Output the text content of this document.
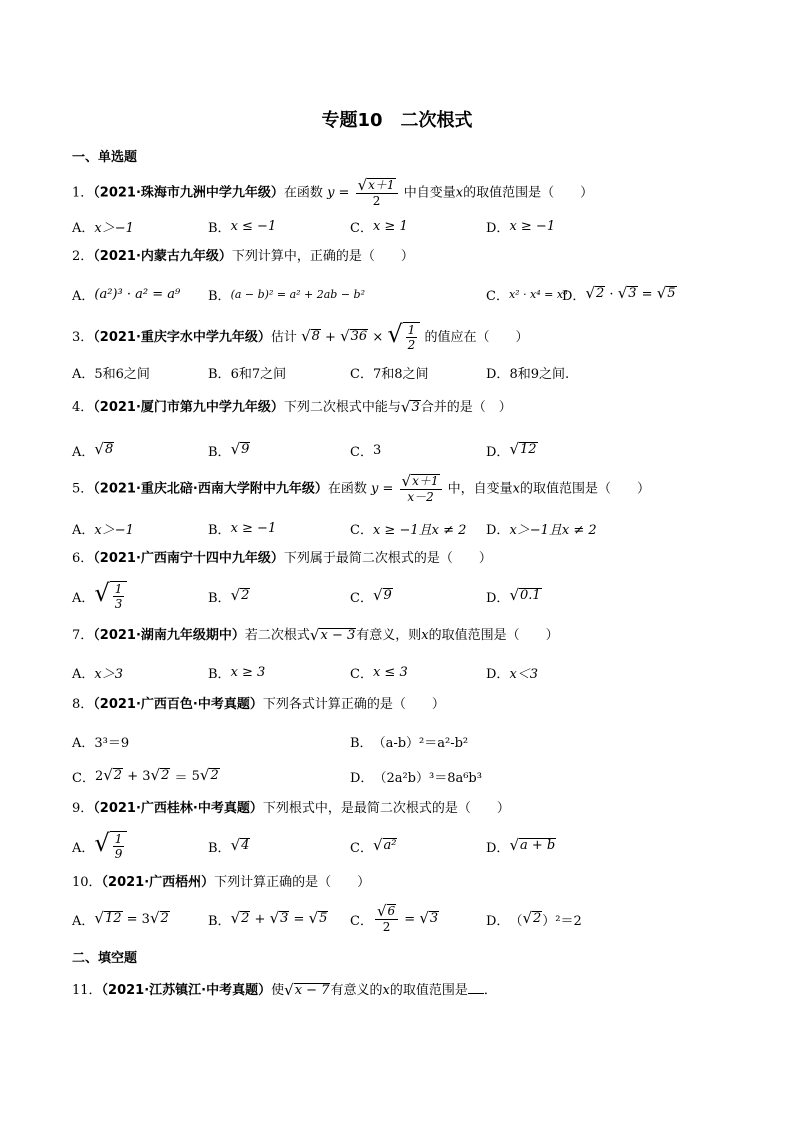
专题10　二次根式
一、单选题
1．（2021·珠海市九洲中学九年级）在函数 $y = \frac{√ x+1}{2}$ 中自变量x的取值范围是（　　）
A． x＞−1	B． x ≤ −1	C． x ≥ 1	D． x ≥ −1
2．（2021·内蒙古九年级）下列计算中，正确的是（　　）
A． (a²)³ · a² = a⁹ B． (a − b)² = a² + 2ab − b²	C． x² · x⁴ = x⁸
D． √ 2 · √ 3 = √ 5
3．（2021·重庆字水中学九年级）估计 √ 8 + √ 36 × √ $\frac{1}{2}$ 的值应在（　　）
A． 5和6之间	B． 6和7之间	C． 7和8之间	D． 8和9之间.
4．（2021·厦门市第九中学九年级）下列二次根式中能与 √ 3 合并的是（　）
A． √ 8	B． √ 9	C． 3	D． √ 12
5．（2021·重庆北碚·西南大学附中九年级）在函数 $y = \frac{√ x+1}{x-2}$ 中，自变量x的取值范围是（　　）
A． x＞−1	B． x ≥ −1	C． x ≥ −1且x ≠ 2 D． x＞−1且x ≠ 2
6．（2021·广西南宁十四中九年级）下列属于最简二次根式的是（　　）
A． √ $\frac{1}{3}$	B． √ 2	C． √ 9	D． √ 0.1
7．（2021·湖南九年级期中）若二次根式 √ x − 3 有意义，则x的取值范围是（　　）
A． x＞3	B． x ≥ 3	C． x ≤ 3	D． x＜3
8．（2021·广西百色·中考真题）下列各式计算正确的是（　　）
A． 3³＝9	B． （a-b）²＝a²-b²
C． 2 √ 2 + 3 √ 2 ＝ 5 √ 2	D． （2a²b）³＝8a⁶b³
9．（2021·广西桂林·中考真题）下列根式中，是最简二次根式的是（　　）
A． √ $\frac{1}{9}$	B． √ 4	C． √ a²	D． √ a + b
10．（2021·广西梧州）下列计算正确的是（　　）
A． √ 12 = 3 √ 2	B． √ 2 + √ 3 = √ 5 C． $\frac{√ 6}{2}$ = √ 3	D． （ √ 2 ）²＝2
二、填空题
11．（2021·江苏镇江·中考真题）使 √ x − 7 有意义的x的取值范围是 ．
